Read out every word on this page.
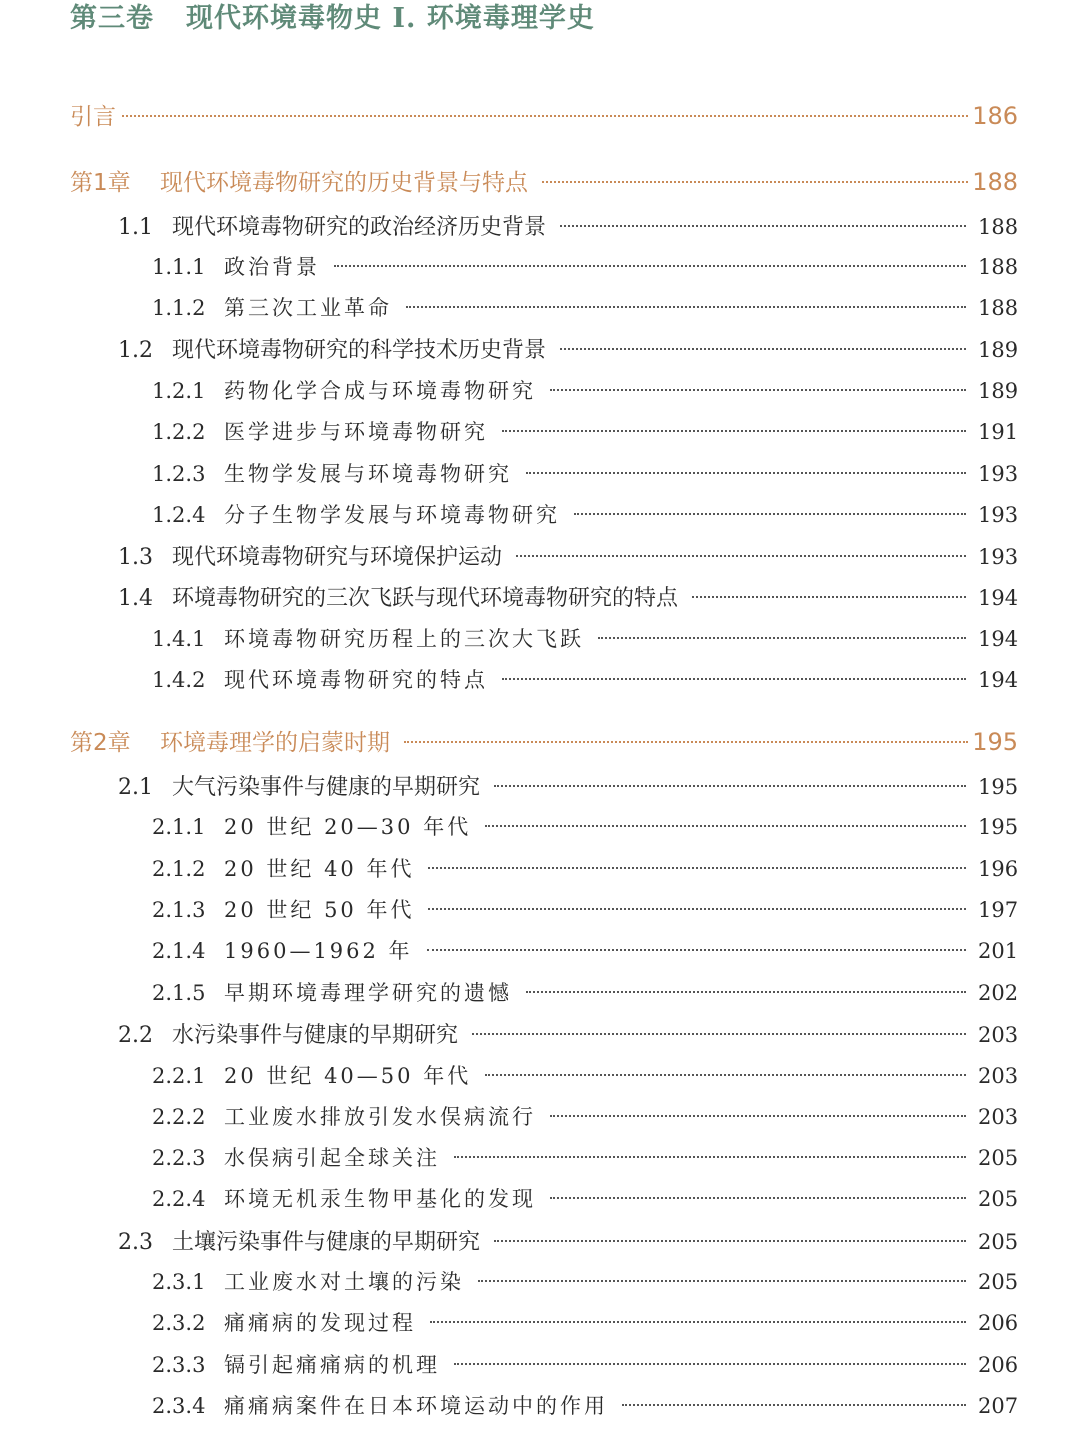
第三卷 现代环境毒物史 I. 环境毒理学史
引言	186
第1章	现代环境毒物研究的历史背景与特点	188
1.1 现代环境毒物研究的政治经济历史背景	188
1.1.1 政治背景	188
1.1.2 第三次工业革命	188
1.2 现代环境毒物研究的科学技术历史背景	189
1.2.1 药物化学合成与环境毒物研究	189
1.2.2 医学进步与环境毒物研究	191
1.2.3 生物学发展与环境毒物研究	193
1.2.4 分子生物学发展与环境毒物研究	193
1.3 现代环境毒物研究与环境保护运动	193
1.4 环境毒物研究的三次飞跃与现代环境毒物研究的特点	194
1.4.1 环境毒物研究历程上的三次大飞跃	194
1.4.2 现代环境毒物研究的特点	194
第2章	环境毒理学的启蒙时期	195
2.1 大气污染事件与健康的早期研究	195
2.1.1 20 世纪 20—30 年代	195
2.1.2 20 世纪 40 年代	196
2.1.3 20 世纪 50 年代	197
2.1.4 1960—1962 年	201
2.1.5 早期环境毒理学研究的遗憾	202
2.2 水污染事件与健康的早期研究	203
2.2.1 20 世纪 40—50 年代	203
2.2.2 工业废水排放引发水俣病流行	203
2.2.3 水俣病引起全球关注	205
2.2.4 环境无机汞生物甲基化的发现	205
2.3 土壤污染事件与健康的早期研究	205
2.3.1 工业废水对土壤的污染	205
2.3.2 痛痛病的发现过程	206
2.3.3 镉引起痛痛病的机理	206
2.3.4 痛痛病案件在日本环境运动中的作用	207
